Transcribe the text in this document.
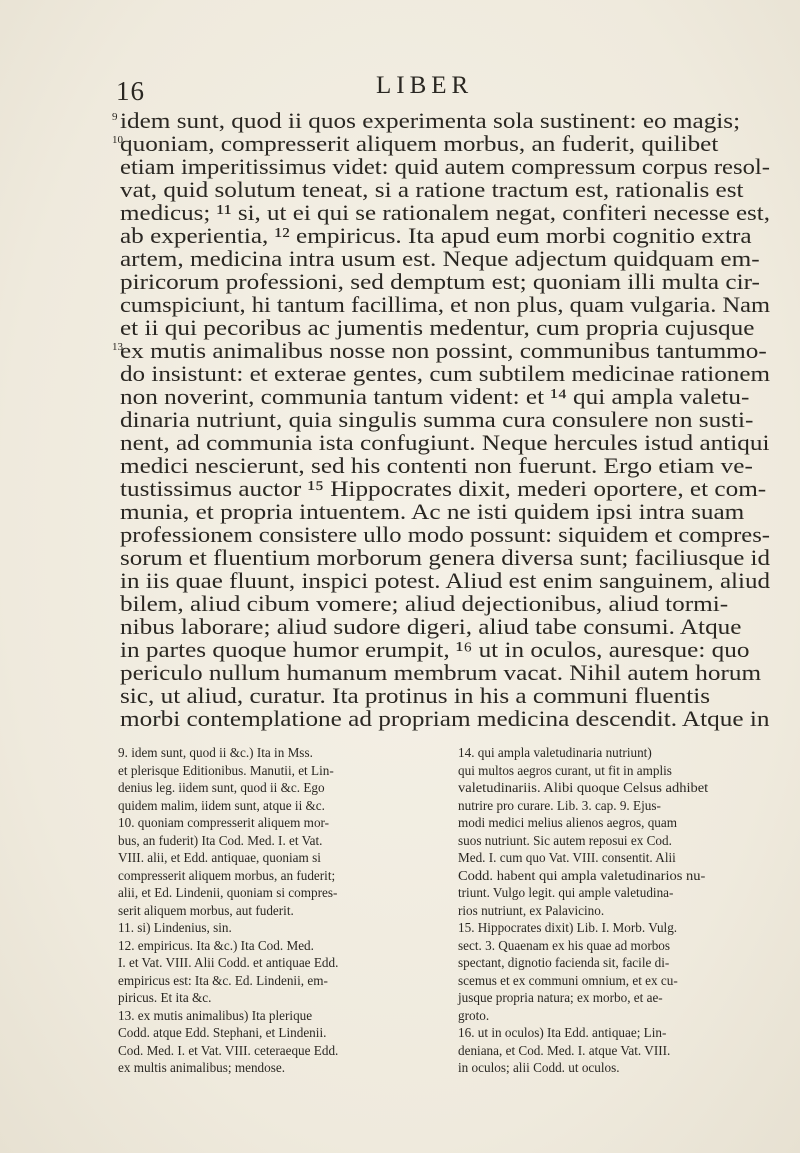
16	LIBER
9 idem sunt, quod ii quos experimenta sola sustinent: eo magis;
10
quoniam, compresserit aliquem morbus, an fuderit, quilibet
etiam imperitissimus videt: quid autem compressum corpus resol-
vat, quid solutum teneat, si a ratione tractum est, rationalis est
medicus; ¹¹ si, ut ei qui se rationalem negat, confiteri necesse est,
ab experientia, ¹² empiricus. Ita apud eum morbi cognitio extra
artem, medicina intra usum est. Neque adjectum quidquam em-
piricorum professioni, sed demptum est; quoniam illi multa cir-
cumspiciunt, hi tantum facillima, et non plus, quam vulgaria. Nam
et ii qui pecoribus ac jumentis medentur, cum propria cujusque
13
ex mutis animalibus nosse non possint, communibus tantummo-
do insistunt: et exterae gentes, cum subtilem medicinae rationem
non noverint, communia tantum vident: et ¹⁴ qui ampla valetu-
dinaria nutriunt, quia singulis summa cura consulere non susti-
nent, ad communia ista confugiunt. Neque hercules istud antiqui
medici nescierunt, sed his contenti non fuerunt. Ergo etiam ve-
tustissimus auctor ¹⁵ Hippocrates dixit, mederi oportere, et com-
munia, et propria intuentem. Ac ne isti quidem ipsi intra suam
professionem consistere ullo modo possunt: siquidem et compres-
sorum et fluentium morborum genera diversa sunt; faciliusque id
in iis quae fluunt, inspici potest. Aliud est enim sanguinem, aliud
bilem, aliud cibum vomere; aliud dejectionibus, aliud tormi-
nibus laborare; aliud sudore digeri, aliud tabe consumi. Atque
in partes quoque humor erumpit, ¹⁶ ut in oculos, auresque: quo
periculo nullum humanum membrum vacat. Nihil autem horum
sic, ut aliud, curatur. Ita protinus in his a communi fluentis
morbi contemplatione ad propriam medicina descendit. Atque in
9. idem sunt, quod ii &c.) Ita in Mss.
et plerisque Editionibus. Manutii, et Lin-
denius leg. iidem sunt, quod ii &c. Ego
quidem malim, iidem sunt, atque ii &c.
10. quoniam compresserit aliquem mor-
bus, an fuderit) Ita Cod. Med. I. et Vat.
VIII. alii, et Edd. antiquae, quoniam si
compresserit aliquem morbus, an fuderit;
alii, et Ed. Lindenii, quoniam si compres-
serit aliquem morbus, aut fuderit.
11. si) Lindenius, sin.
12. empiricus. Ita &c.) Ita Cod. Med.
I. et Vat. VIII. Alii Codd. et antiquae Edd.
empiricus est: Ita &c. Ed. Lindenii, em-
piricus. Et ita &c.
13. ex mutis animalibus) Ita plerique
Codd. atque Edd. Stephani, et Lindenii.
Cod. Med. I. et Vat. VIII. ceteraeque Edd.
ex multis animalibus; mendose.
14. qui ampla valetudinaria nutriunt)
qui multos aegros curant, ut fit in amplis
valetudinariis. Alibi quoque Celsus adhibet
nutrire pro curare. Lib. 3. cap. 9. Ejus-
modi medici melius alienos aegros, quam
suos nutriunt. Sic autem reposui ex Cod.
Med. I. cum quo Vat. VIII. consentit. Alii
Codd. habent qui ampla valetudinarios nu-
triunt. Vulgo legit. qui ample valetudina-
rios nutriunt, ex Palavicino.
15. Hippocrates dixit) Lib. I. Morb. Vulg.
sect. 3. Quaenam ex his quae ad morbos
spectant, dignotio facienda sit, facile di-
scemus et ex communi omnium, et ex cu-
jusque propria natura; ex morbo, et ae-
groto.
16. ut in oculos) Ita Edd. antiquae; Lin-
deniana, et Cod. Med. I. atque Vat. VIII.
in oculos; alii Codd. ut oculos.
